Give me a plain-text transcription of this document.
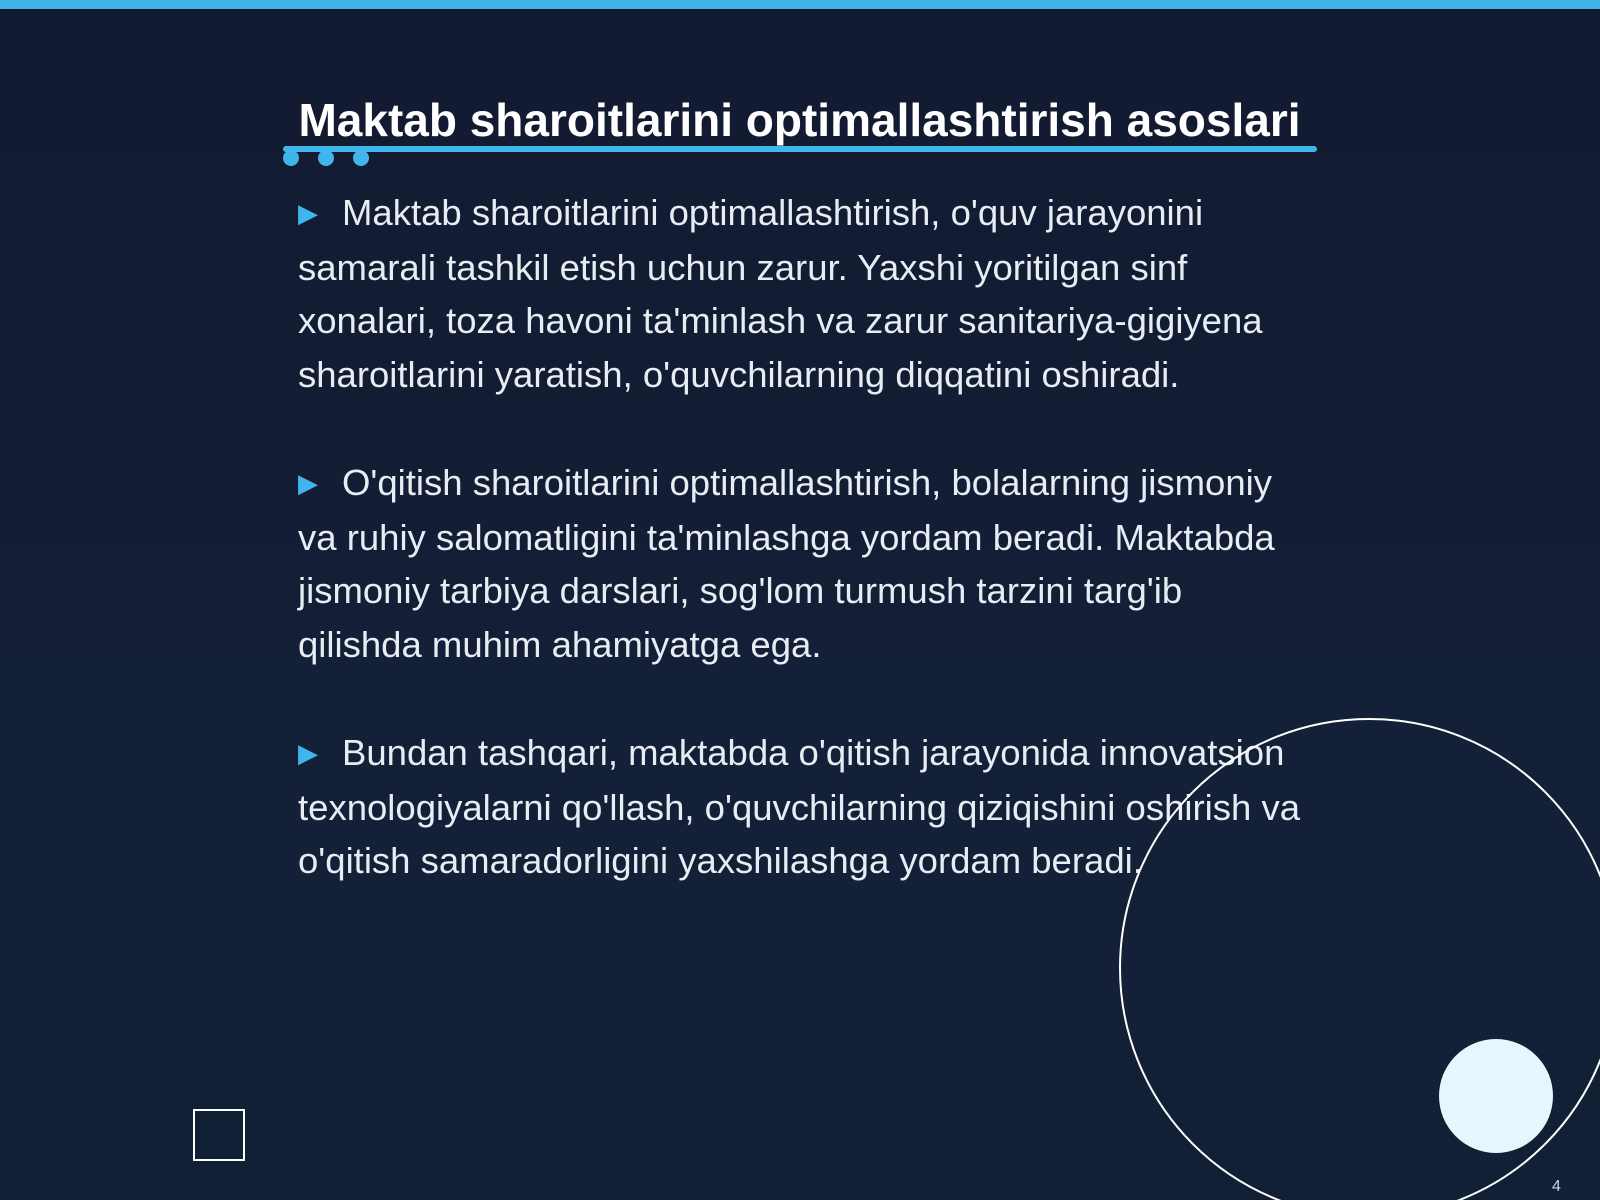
Maktab sharoitlarini optimallashtirish asoslari

▶ Maktab sharoitlarini optimallashtirish, o'quv jarayonini samarali tashkil etish uchun zarur. Yaxshi yoritilgan sinf xonalari, toza havoni ta'minlash va zarur sanitariya-gigiyena sharoitlarini yaratish, o'quvchilarning diqqatini oshiradi.

▶ O'qitish sharoitlarini optimallashtirish, bolalarning jismoniy va ruhiy salomatligini ta'minlashga yordam beradi. Maktabda jismoniy tarbiya darslari, sog'lom turmush tarzini targ'ib qilishda muhim ahamiyatga ega.

▶ Bundan tashqari, maktabda o'qitish jarayonida innovatsion texnologiyalarni qo'llash, o'quvchilarning qiziqishini oshirish va o'qitish samaradorligini yaxshilashga yordam beradi.

4
